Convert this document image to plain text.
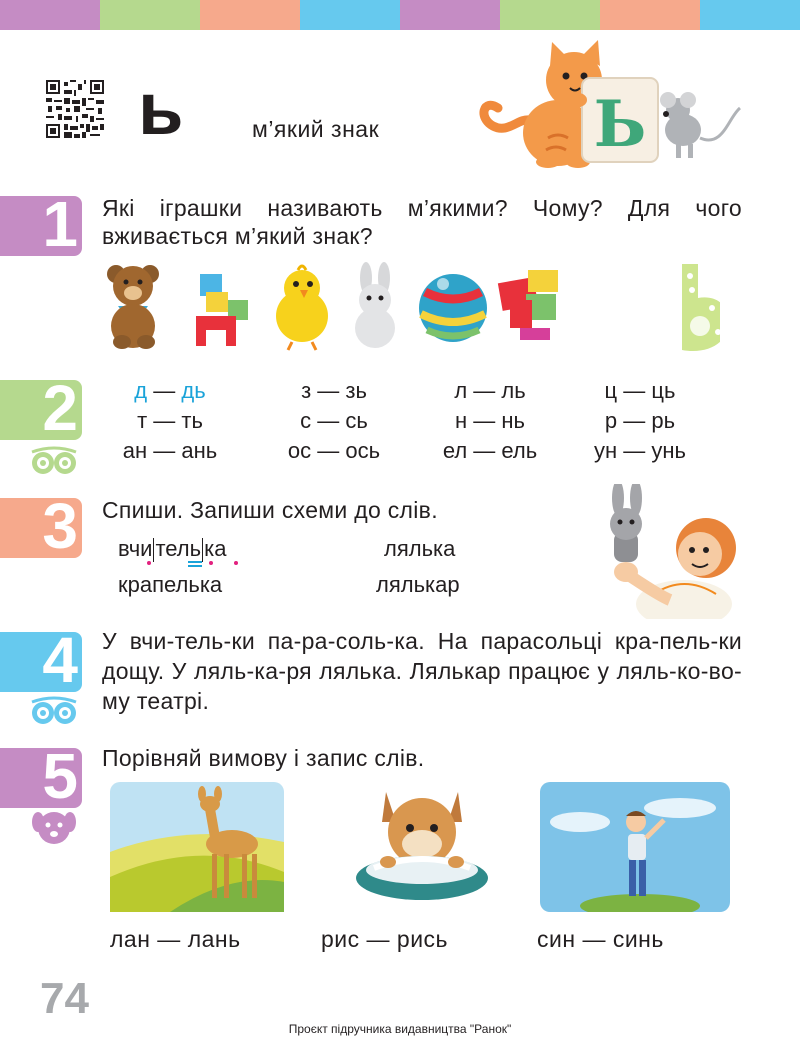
ь	м’який знак	Ь
1 Які іграшки називають м’якими? Чому? Для чого вживається м’який знак?
2	д — дь	з — зь	л — ль	ц — ць
т — ть	с — сь	н — нь	р — рь
ан — ань	ос — ось	ел — ель	ун — унь
3 Спиши. Запиши схеми до слів.
вчи тель ка	лялька
крапелька	лялькар
4 У вчи-тель-ки па-ра-соль-ка. На парасольці кра-пель-ки дощу. У ляль-ка-ря лялька. Лялькар працює у ляль-ко-во-му театрі.
5 Порівняй вимову і запис слів.
лан — лань	рис — рись	син — синь
74
Проєкт підручника видавництва "Ранок"
